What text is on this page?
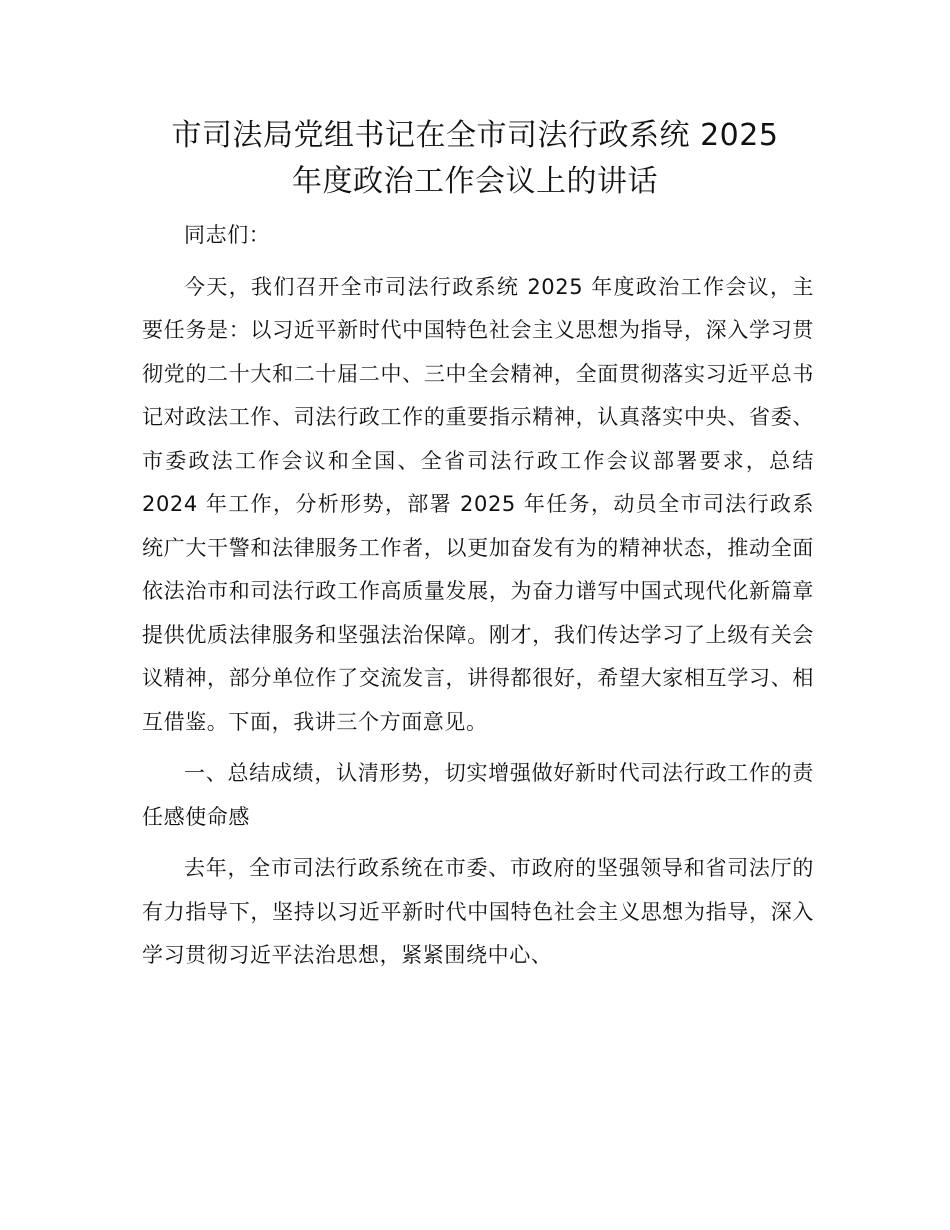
市司法局党组书记在全市司法行政系统 2025
年度政治工作会议上的讲话

同志们：

今天，我们召开全市司法行政系统 2025 年度政治工作会议，主要任务是：以习近平新时代中国特色社会主义思想为指导，深入学习贯彻党的二十大和二十届二中、三中全会精神，全面贯彻落实习近平总书记对政法工作、司法行政工作的重要指示精神，认真落实中央、省委、市委政法工作会议和全国、全省司法行政工作会议部署要求，总结 2024 年工作，分析形势，部署 2025 年任务，动员全市司法行政系统广大干警和法律服务工作者，以更加奋发有为的精神状态，推动全面依法治市和司法行政工作高质量发展，为奋力谱写中国式现代化新篇章提供优质法律服务和坚强法治保障。刚才，我们传达学习了上级有关会议精神，部分单位作了交流发言，讲得都很好，希望大家相互学习、相互借鉴。下面，我讲三个方面意见。

一、总结成绩，认清形势，切实增强做好新时代司法行政工作的责任感使命感

去年，全市司法行政系统在市委、市政府的坚强领导和省司法厅的有力指导下，坚持以习近平新时代中国特色社会主义思想为指导，深入学习贯彻习近平法治思想，紧紧围绕中心、
